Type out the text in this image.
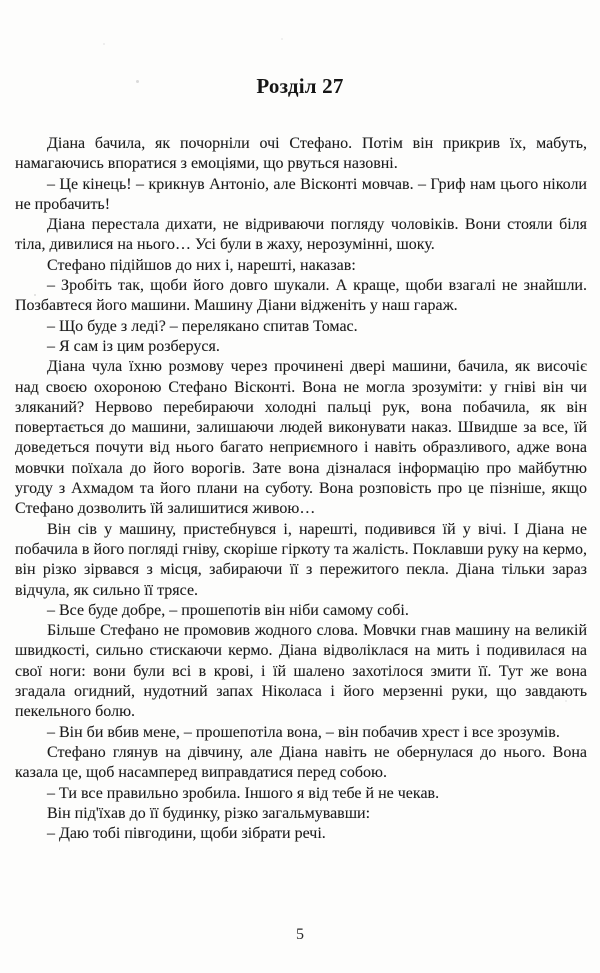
Розділ 27

Діана бачила, як почорніли очі Стефано. Потім він прикрив їх, мабуть, намагаючись впоратися з емоціями, що рвуться назовні.

– Це кінець! – крикнув Антоніо, але Вісконті мовчав. – Гриф нам цього ніколи не пробачить!

Діана перестала дихати, не відриваючи погляду чоловіків. Вони стояли біля тіла, дивилися на нього… Усі були в жаху, нерозумінні, шоку.

Стефано підійшов до них і, нарешті, наказав:

– Зробіть так, щоби його довго шукали. А краще, щоби взагалі не знайшли. Позбавтеся його машини. Машину Діани відженіть у наш гараж.

– Що буде з леді? – перелякано спитав Томас.

– Я сам із цим розберуся.

Діана чула їхню розмову через прочинені двері машини, бачила, як височіє над своєю охороною Стефано Вісконті. Вона не могла зрозуміти: у гніві він чи зляканий? Нервово перебираючи холодні пальці рук, вона побачила, як він повертається до машини, залишаючи людей виконувати наказ. Швидше за все, їй доведеться почути від нього багато неприємного і навіть образливого, адже вона мовчки поїхала до його ворогів. Зате вона дізналася інформацію про майбутню угоду з Ахмадом та його плани на суботу. Вона розповість про це пізніше, якщо Стефано дозволить їй залишитися живою…

Він сів у машину, пристебнувся і, нарешті, подивився їй у вічі. І Діана не побачила в його погляді гніву, скоріше гіркоту та жалість. Поклавши руку на кермо, він різко зірвався з місця, забираючи її з пережитого пекла. Діана тільки зараз відчула, як сильно її трясе.

– Все буде добре, – прошепотів він ніби самому собі.

Більше Стефано не промовив жодного слова. Мовчки гнав машину на великій швидкості, сильно стискаючи кермо. Діана відволіклася на мить і подивилася на свої ноги: вони були всі в крові, і їй шалено захотілося змити її. Тут же вона згадала огидний, нудотний запах Ніколаса і його мерзенні руки, що завдають пекельного болю.

– Він би вбив мене, – прошепотіла вона, – він побачив хрест і все зрозумів.

Стефано глянув на дівчину, але Діана навіть не обернулася до нього. Вона казала це, щоб насамперед виправдатися перед собою.

– Ти все правильно зробила. Іншого я від тебе й не чекав.

Він під'їхав до її будинку, різко загальмувавши:

– Даю тобі півгодини, щоби зібрати речі.

5
